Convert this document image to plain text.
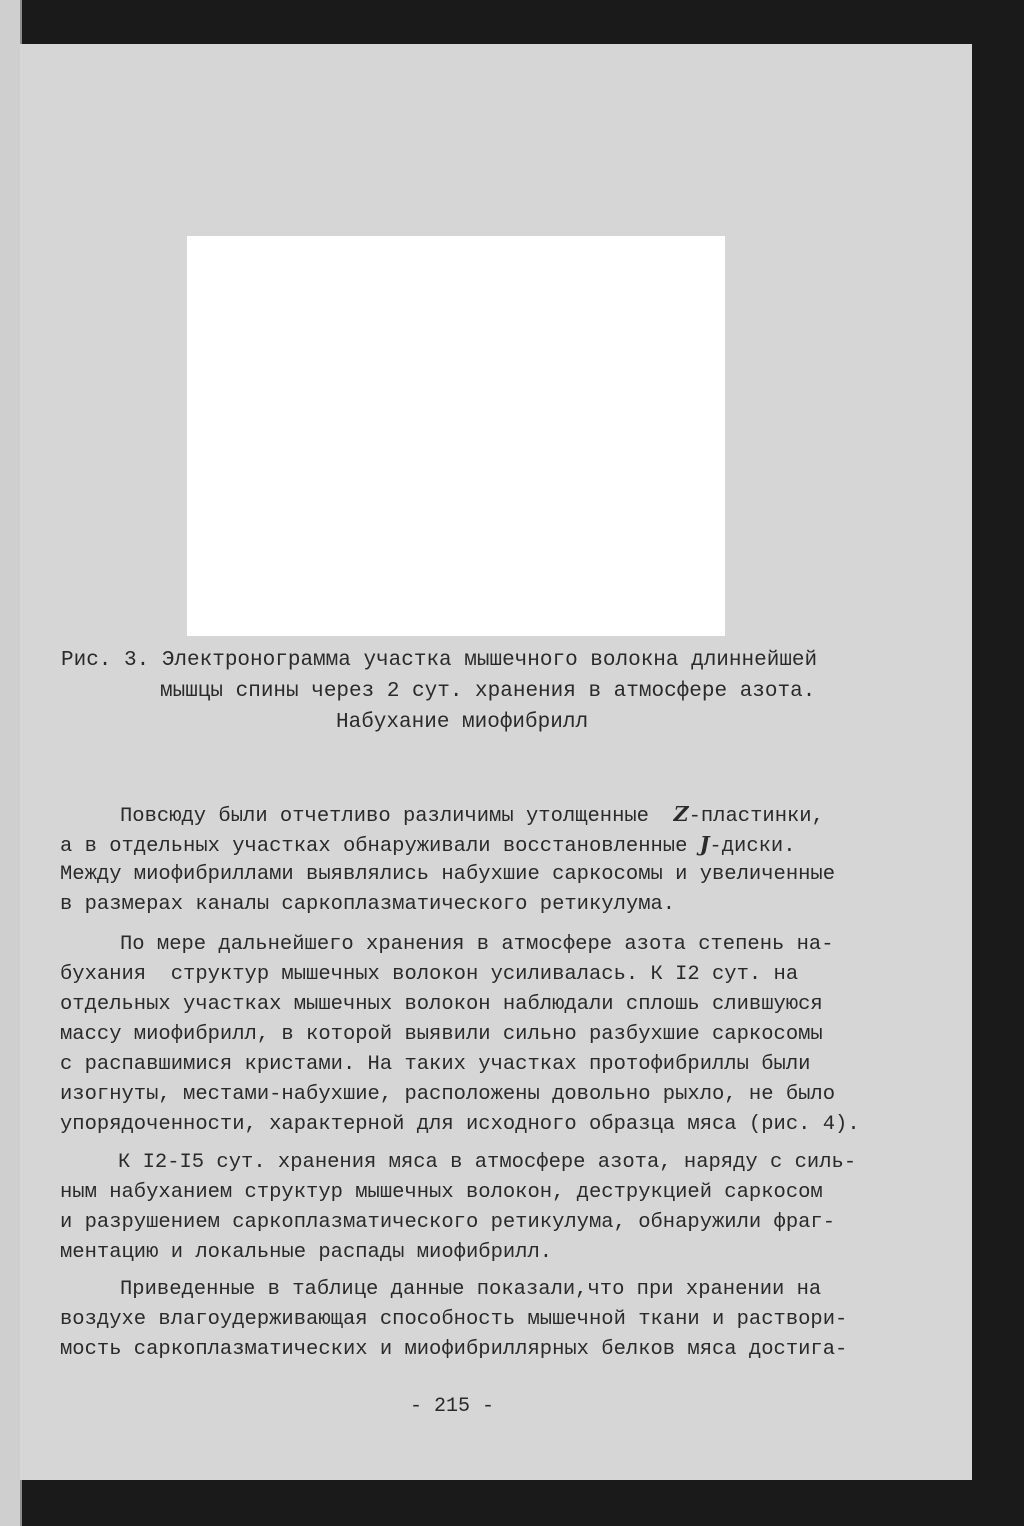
Рис. 3. Электронограмма участка мышечного волокна длиннейшей
мышцы спины через 2 сут. хранения в атмосфере азота.
Набухание миофибрилл
Повсюду были отчетливо различимы утолщенные Z-пластинки,
а в отдельных участках обнаруживали восстановленные J-диски.
Между миофибриллами выявлялись набухшие саркосомы и увеличенные
в размерах каналы саркоплазматического ретикулума.
По мере дальнейшего хранения в атмосфере азота степень на-
бухания  структур мышечных волокон усиливалась. К I2 сут. на
отдельных участках мышечных волокон наблюдали сплошь слившуюся
массу миофибрилл, в которой выявили сильно разбухшие саркосомы
с распавшимися кристами. На таких участках протофибриллы были
изогнуты, местами-набухшие, расположены довольно рыхло, не было
упорядоченности, характерной для исходного образца мяса (рис. 4).
К I2-I5 сут. хранения мяса в атмосфере азота, наряду с силь-
ным набуханием структур мышечных волокон, деструкцией саркосом
и разрушением саркоплазматического ретикулума, обнаружили фраг-
ментацию и локальные распады миофибрилл.
Приведенные в таблице данные показали,что при хранении на
воздухе влагоудерживающая способность мышечной ткани и раствори-
мость саркоплазматических и миофибриллярных белков мяса достига-
- 215 -
